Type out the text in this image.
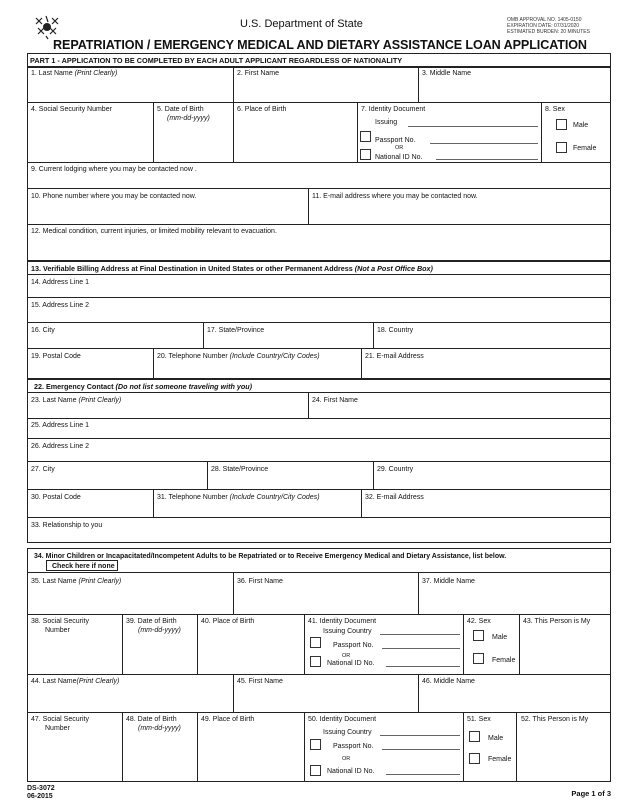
U.S. Department of State	OMB APPROVAL NO. 1405-0150
EXPIRATION DATE: 07/31/2020
ESTIMATED BURDEN: 20 MINUTES
REPATRIATION / EMERGENCY MEDICAL AND DIETARY ASSISTANCE LOAN APPLICATION
PART 1 - APPLICATION TO BE COMPLETED BY EACH ADULT APPLICANT REGARDLESS OF NATIONALITY
1. Last Name (Print Clearly)	2. First Name	3. Middle Name
4. Social Security Number	5. Date of Birth
(mm-dd-yyyy)
6. Place of Birth	7. Identity Document
Issuing
Passport No.
OR
National ID No.
8. Sex
Male
Female
9. Current lodging where you may be contacted now .
10. Phone number where you may be contacted now.	11. E-mail address where you may be contacted now.
12. Medical condition, current injuries, or limited mobility relevant to evacuation.
13. Verifiable Billing Address at Final Destination in United States or other Permanent Address (Not a Post Office Box)
14. Address Line 1
15. Address Line 2
16. City	17. State/Province	18. Country
19. Postal Code	20. Telephone Number (Include Country/City Codes)	21. E-mail Address
22. Emergency Contact (Do not list someone traveling with you)
23. Last Name (Print Clearly)	24. First Name
25. Address Line 1
26. Address Line 2
27. City	28. State/Province	29. Country
30. Postal Code	31. Telephone Number (Include Country/City Codes)	32. E-mail Address
33. Relationship to you
34. Minor Children or Incapacitated/Incompetent Adults to be Repatriated or to Receive Emergency Medical and Dietary Assistance, list below.
Check here if none
35. Last Name (Print Clearly)	36. First Name	37. Middle Name
38. Social Security
Number
39. Date of Birth
(mm-dd-yyyy)
40. Place of Birth	41. Identity Document
Issuing Country
Passport No.
OR
National ID No.
42. Sex
Male
Female
43. This Person is My
44. Last Name(Print Clearly)	45. First Name	46. Middle Name
47. Social Security
Number
48. Date of Birth
(mm-dd-yyyy)
49. Place of Birth	50. Identity Document
Issuing Country
Passport No.
OR
National ID No.
51. Sex
Male
Female
52. This Person is My
DS-3072
06-2015	Page 1 of 3
